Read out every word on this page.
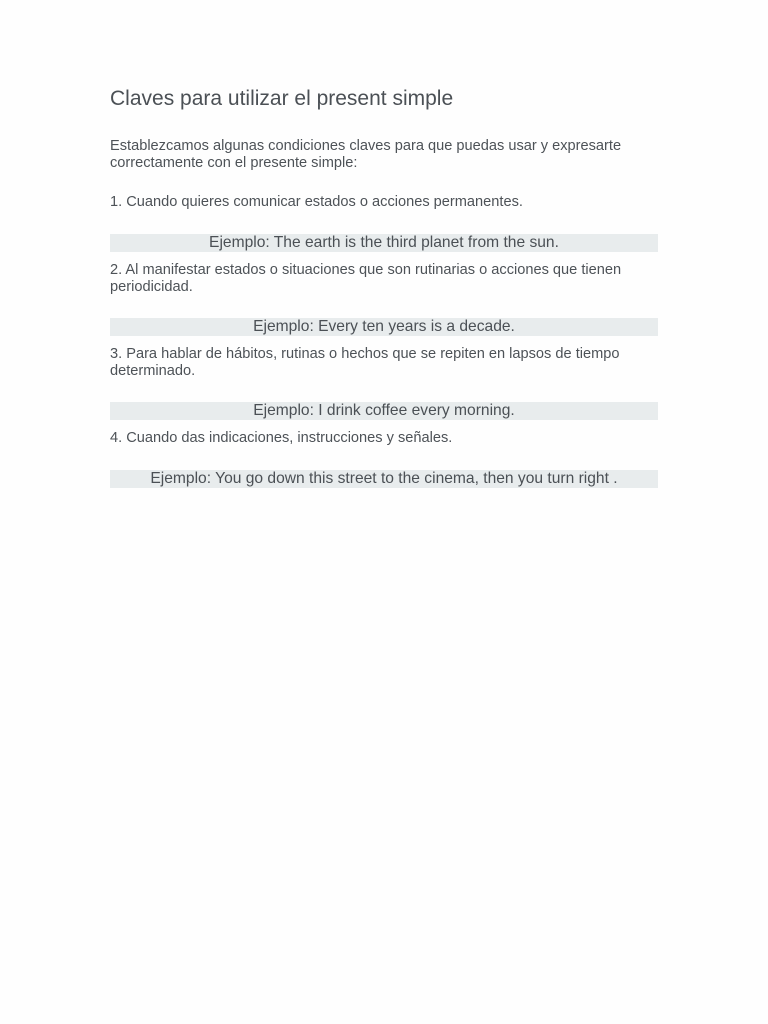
Claves para utilizar el present simple

Establezcamos algunas condiciones claves para que puedas usar y expresarte correctamente con el presente simple:

1. Cuando quieres comunicar estados o acciones permanentes.

Ejemplo: The earth is the third planet from the sun.

2. Al manifestar estados o situaciones que son rutinarias o acciones que tienen periodicidad.

Ejemplo: Every ten years is a decade.

3. Para hablar de hábitos, rutinas o hechos que se repiten en lapsos de tiempo determinado.

Ejemplo: I drink coffee every morning.

4. Cuando das indicaciones, instrucciones y señales.

Ejemplo: You go down this street to the cinema, then you turn right .
